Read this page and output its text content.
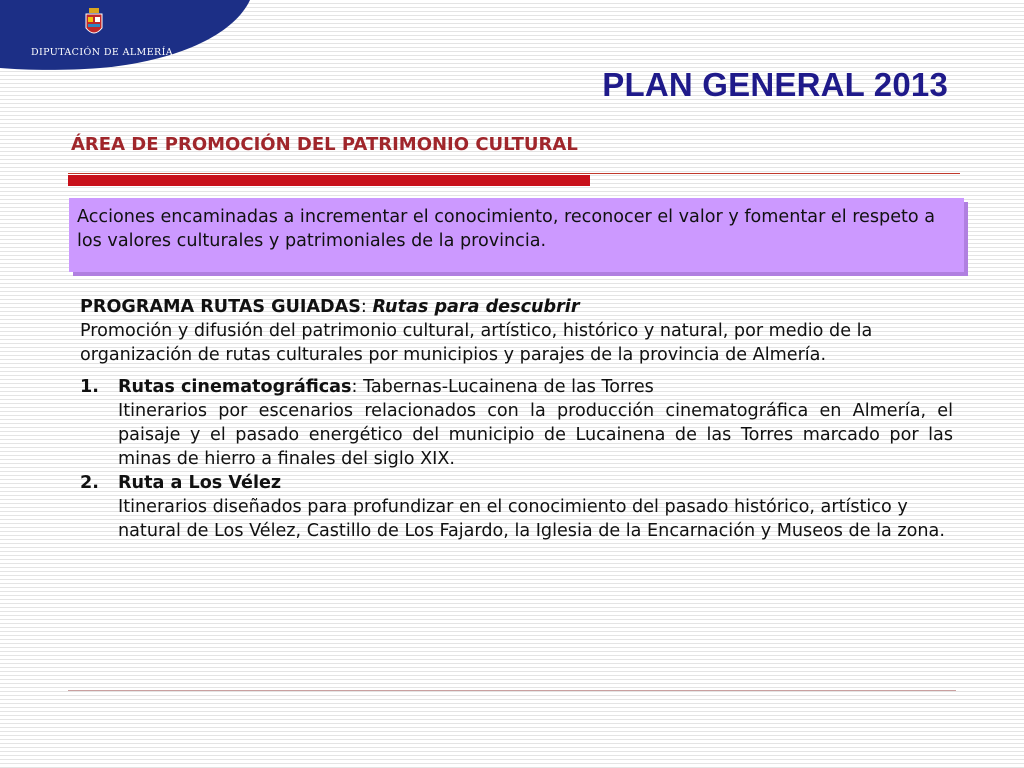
DIPUTACIÓN DE ALMERÍA
PLAN GENERAL 2013
ÁREA DE PROMOCIÓN DEL PATRIMONIO CULTURAL
Acciones encaminadas a incrementar el conocimiento, reconocer el valor y fomentar el respeto a los valores culturales y patrimoniales de la provincia.
PROGRAMA RUTAS GUIADAS: Rutas para descubrir
Promoción y difusión del patrimonio cultural, artístico, histórico y natural, por medio de la organización de rutas culturales por municipios y parajes de la provincia de Almería.
1.	Rutas cinematográficas: Tabernas-Lucainena de las Torres
Itinerarios por escenarios relacionados con la producción cinematográfica en Almería, el paisaje y el pasado energético del municipio de Lucainena de las Torres marcado por las minas de hierro a finales del siglo XIX.
2.	Ruta a Los Vélez
Itinerarios diseñados para profundizar en el conocimiento del pasado histórico, artístico y natural de Los Vélez, Castillo de Los Fajardo, la Iglesia de la Encarnación y Museos de la zona.
